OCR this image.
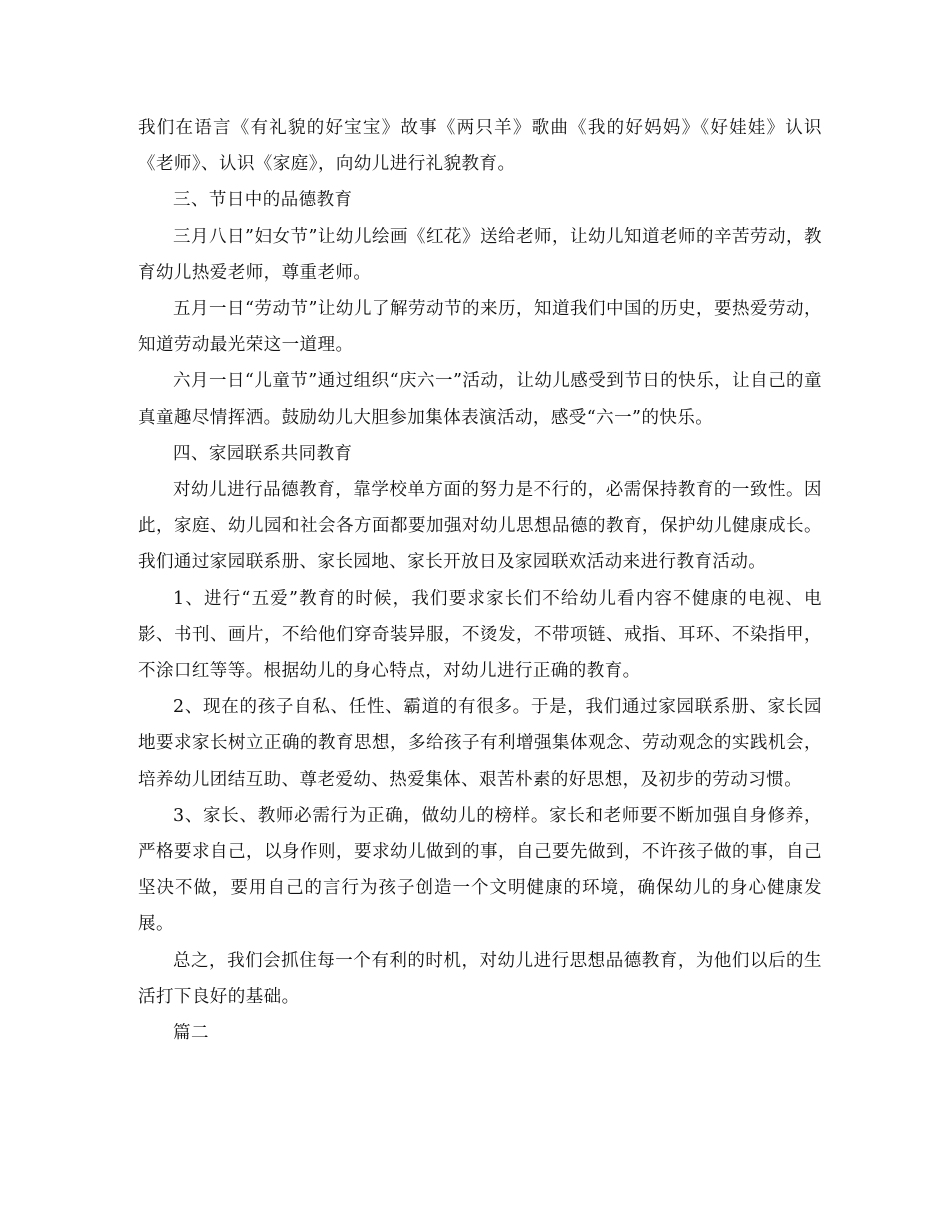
我们在语言《有礼貌的好宝宝》故事《两只羊》歌曲《我的好妈妈》《好娃娃》认识《老师》、认识《家庭》，向幼儿进行礼貌教育。

三、节日中的品德教育

三月八日”妇女节”让幼儿绘画《红花》送给老师，让幼儿知道老师的辛苦劳动，教育幼儿热爱老师，尊重老师。

五月一日“劳动节”让幼儿了解劳动节的来历，知道我们中国的历史，要热爱劳动，知道劳动最光荣这一道理。

六月一日“儿童节”通过组织“庆六一”活动，让幼儿感受到节日的快乐，让自己的童真童趣尽情挥洒。鼓励幼儿大胆参加集体表演活动，感受“六一”的快乐。

四、家园联系共同教育

对幼儿进行品德教育，靠学校单方面的努力是不行的，必需保持教育的一致性。因此，家庭、幼儿园和社会各方面都要加强对幼儿思想品德的教育，保护幼儿健康成长。我们通过家园联系册、家长园地、家长开放日及家园联欢活动来进行教育活动。

1、进行“五爱”教育的时候，我们要求家长们不给幼儿看内容不健康的电视、电影、书刊、画片，不给他们穿奇装异服，不烫发，不带项链、戒指、耳环、不染指甲，不涂口红等等。根据幼儿的身心特点，对幼儿进行正确的教育。

2、现在的孩子自私、任性、霸道的有很多。于是，我们通过家园联系册、家长园地要求家长树立正确的教育思想，多给孩子有利增强集体观念、劳动观念的实践机会，培养幼儿团结互助、尊老爱幼、热爱集体、艰苦朴素的好思想，及初步的劳动习惯。

3、家长、教师必需行为正确，做幼儿的榜样。家长和老师要不断加强自身修养，严格要求自己，以身作则，要求幼儿做到的事，自己要先做到，不许孩子做的事，自己坚决不做，要用自己的言行为孩子创造一个文明健康的环境，确保幼儿的身心健康发展。

总之，我们会抓住每一个有利的时机，对幼儿进行思想品德教育，为他们以后的生活打下良好的基础。

篇二
